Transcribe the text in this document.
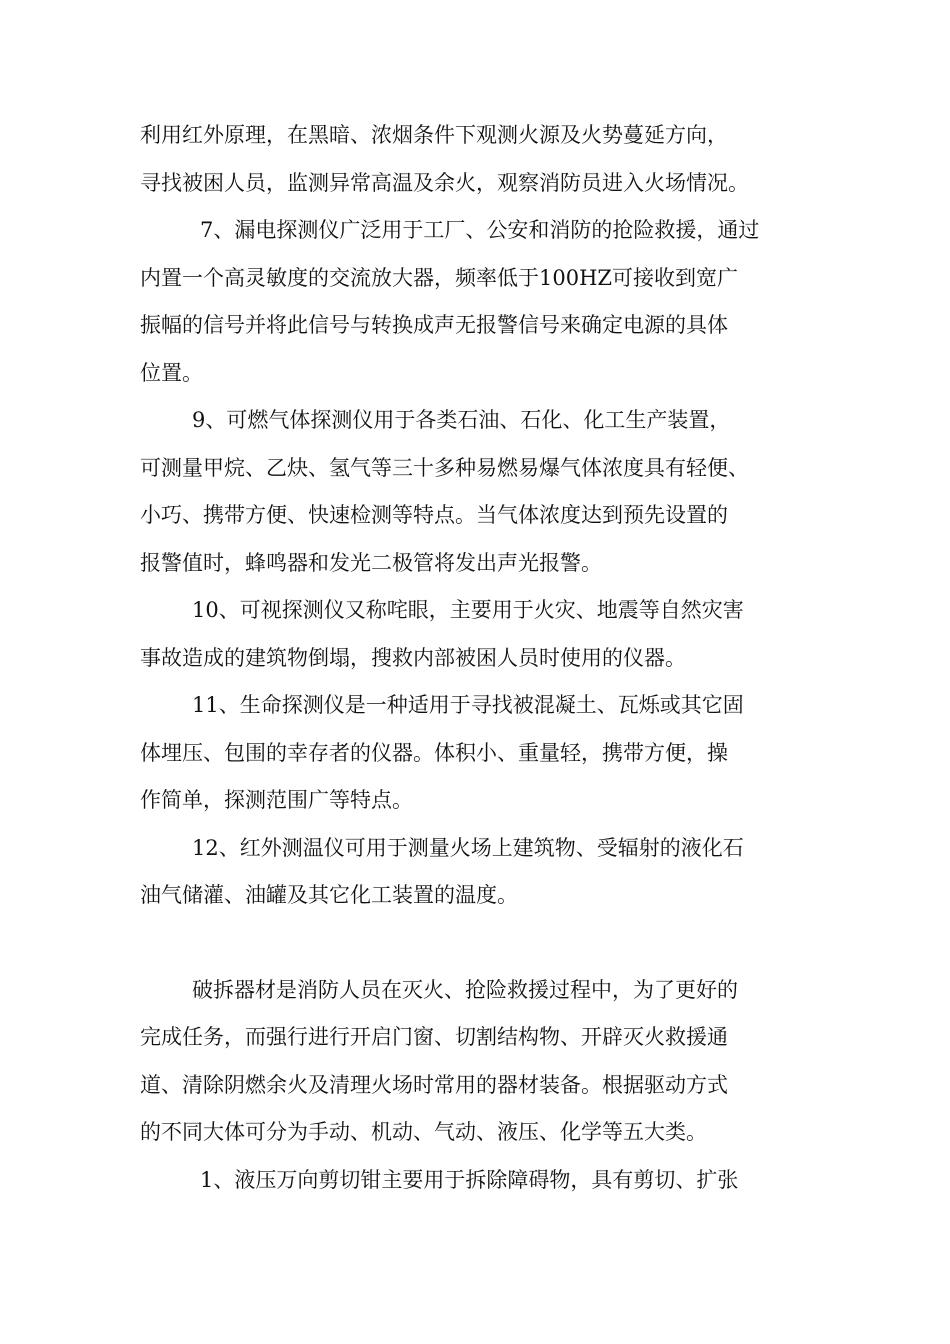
利用红外原理，在黑暗、浓烟条件下观测火源及火势蔓延方向，
寻找被困人员，监测异常高温及余火，观察消防员进入火场情况。
7、漏电探测仪广泛用于工厂、公安和消防的抢险救援，通过
内置一个高灵敏度的交流放大器，频率低于100HZ可接收到宽广
振幅的信号并将此信号与转换成声无报警信号来确定电源的具体
位置。
9、可燃气体探测仪用于各类石油、石化、化工生产装置，
可测量甲烷、乙炔、氢气等三十多种易燃易爆气体浓度具有轻便、
小巧、携带方便、快速检测等特点。当气体浓度达到预先设置的
报警值时，蜂鸣器和发光二极管将发出声光报警。
10、可视探测仪又称咤眼，主要用于火灾、地震等自然灾害
事故造成的建筑物倒塌，搜救内部被困人员时使用的仪器。
11、生命探测仪是一种适用于寻找被混凝土、瓦烁或其它固
体埋压、包围的幸存者的仪器。体积小、重量轻，携带方便，操
作简单，探测范围广等特点。
12、红外测温仪可用于测量火场上建筑物、受辐射的液化石
油气储灌、油罐及其它化工装置的温度。
破拆器材是消防人员在灭火、抢险救援过程中，为了更好的
完成任务，而强行进行开启门窗、切割结构物、开辟灭火救援通
道、清除阴燃余火及清理火场时常用的器材装备。根据驱动方式
的不同大体可分为手动、机动、气动、液压、化学等五大类。
1、液压万向剪切钳主要用于拆除障碍物，具有剪切、扩张
